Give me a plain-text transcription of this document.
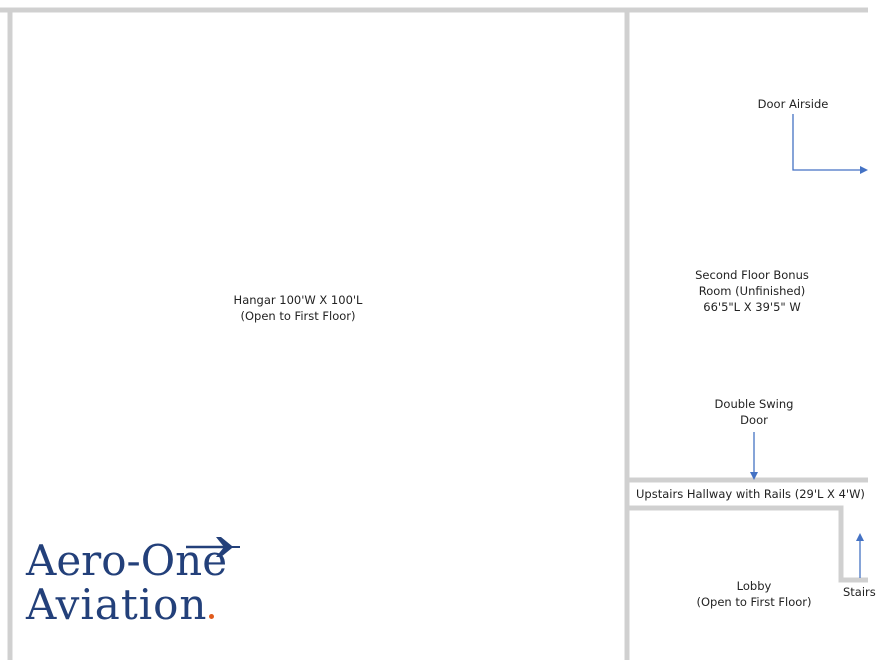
Hangar 100'W X 100'L
(Open to First Floor)
Door Airside
Second Floor Bonus
Room (Unfinished)
66'5"L X 39'5" W
Double Swing
Door
Upstairs Hallway with Rails (29'L X 4'W)
Lobby
(Open to First Floor)
Stairs
Aero-One
Aviation
